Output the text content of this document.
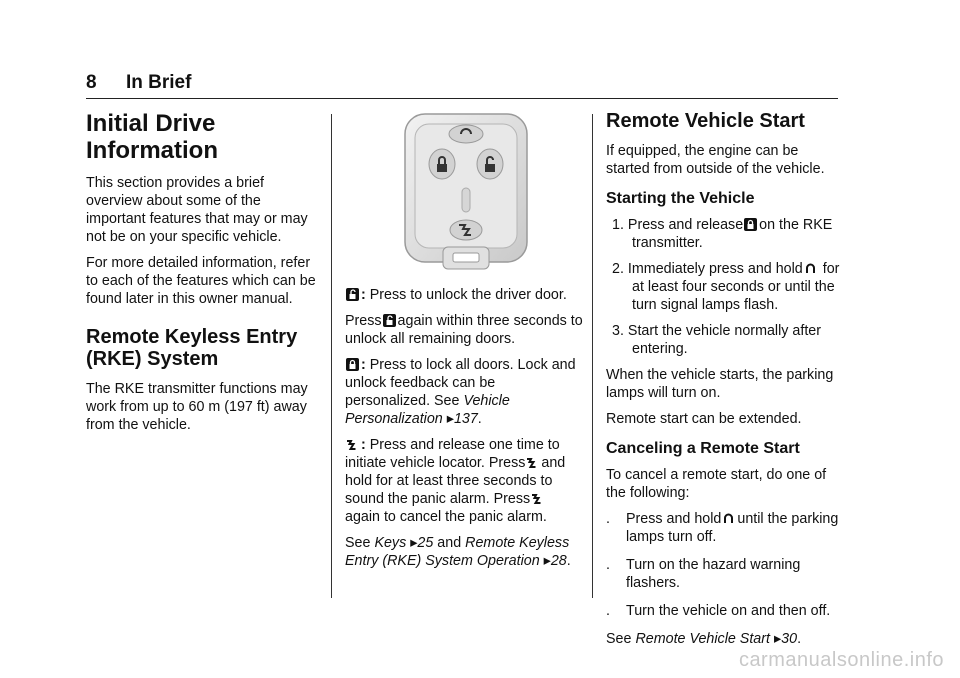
8 In Brief
Initial Drive Information

This section provides a brief overview about some of the important features that may or may not be on your specific vehicle.

For more detailed information, refer to each of the features which can be found later in this owner manual.

Remote Keyless Entry (RKE) System

The RKE transmitter functions may work from up to 60 m (197 ft) away from the vehicle.

: Press to unlock the driver door.

Press again within three seconds to unlock all remaining doors.

: Press to lock all doors. Lock and unlock feedback can be personalized. See Vehicle Personalization ▸137.

: Press and release one time to initiate vehicle locator. Press and hold for at least three seconds to sound the panic alarm. Press again to cancel the panic alarm.

See Keys ▸25 and Remote Keyless Entry (RKE) System Operation ▸28.

Remote Vehicle Start

If equipped, the engine can be started from outside of the vehicle.

Starting the Vehicle

1. Press and release on the RKE transmitter.

2. Immediately press and hold for at least four seconds or until the turn signal lamps flash.

3. Start the vehicle normally after entering.

When the vehicle starts, the parking lamps will turn on.

Remote start can be extended.

Canceling a Remote Start

To cancel a remote start, do one of the following:

. Press and hold until the parking lamps turn off.
. Turn on the hazard warning flashers.
. Turn the vehicle on and then off.

See Remote Vehicle Start ▸30.

carmanualsonline.info
